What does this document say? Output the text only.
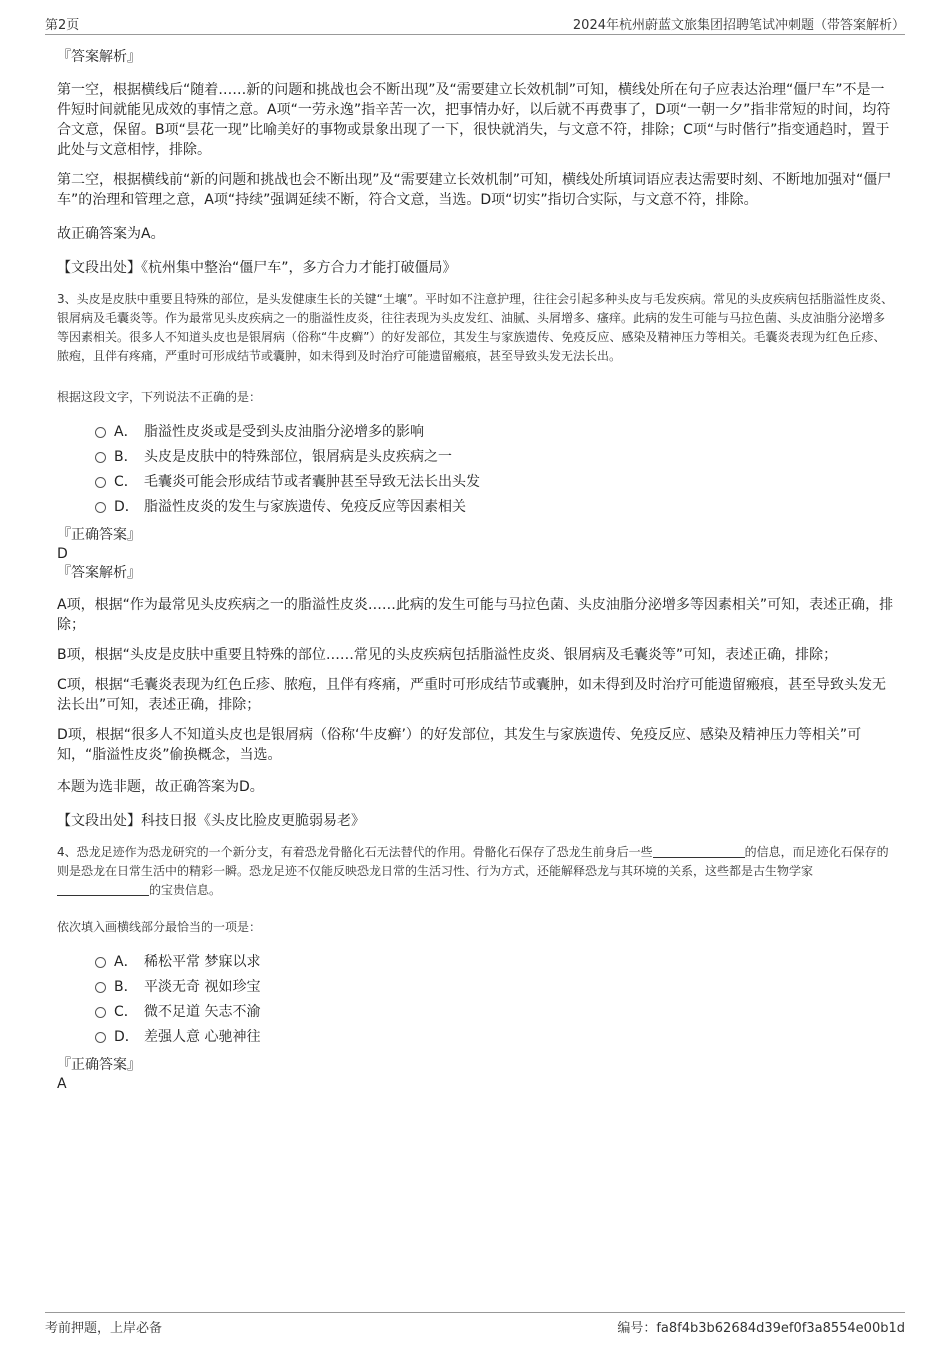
第2页	2024年杭州蔚蓝文旅集团招聘笔试冲刺题（带答案解析）

『答案解析』

第一空，根据横线后“随着……新的问题和挑战也会不断出现”及“需要建立长效机制”可知，横线处所在句子应表达治理“僵尸车”不是一件短时间就能见成效的事情之意。A项“一劳永逸”指辛苦一次，把事情办好，以后就不再费事了，D项“一朝一夕”指非常短的时间，均符合文意，保留。B项“昙花一现”比喻美好的事物或景象出现了一下，很快就消失，与文意不符，排除；C项“与时偕行”指变通趋时，置于此处与文意相悖，排除。

第二空，根据横线前“新的问题和挑战也会不断出现”及“需要建立长效机制”可知，横线处所填词语应表达需要时刻、不断地加强对“僵尸车”的治理和管理之意，A项“持续”强调延续不断，符合文意，当选。D项“切实”指切合实际，与文意不符，排除。

故正确答案为A。

【文段出处】《杭州集中整治“僵尸车”，多方合力才能打破僵局》

3、头皮是皮肤中重要且特殊的部位，是头发健康生长的关键“土壤”。平时如不注意护理，往往会引起多种头皮与毛发疾病。常见的头皮疾病包括脂溢性皮炎、银屑病及毛囊炎等。作为最常见头皮疾病之一的脂溢性皮炎，往往表现为头皮发红、油腻、头屑增多、瘙痒。此病的发生可能与马拉色菌、头皮油脂分泌增多等因素相关。很多人不知道头皮也是银屑病（俗称“牛皮癣”）的好发部位，其发生与家族遗传、免疫反应、感染及精神压力等相关。毛囊炎表现为红色丘疹、脓疱，且伴有疼痛，严重时可形成结节或囊肿，如未得到及时治疗可能遗留瘢痕，甚至导致头发无法长出。

根据这段文字，下列说法不正确的是：

A． 脂溢性皮炎或是受到头皮油脂分泌增多的影响
B． 头皮是皮肤中的特殊部位，银屑病是头皮疾病之一
C． 毛囊炎可能会形成结节或者囊肿甚至导致无法长出头发
D． 脂溢性皮炎的发生与家族遗传、免疫反应等因素相关

『正确答案』

D

『答案解析』

A项，根据“作为最常见头皮疾病之一的脂溢性皮炎……此病的发生可能与马拉色菌、头皮油脂分泌增多等因素相关”可知，表述正确，排除；

B项，根据“头皮是皮肤中重要且特殊的部位……常见的头皮疾病包括脂溢性皮炎、银屑病及毛囊炎等”可知，表述正确，排除；

C项，根据“毛囊炎表现为红色丘疹、脓疱，且伴有疼痛，严重时可形成结节或囊肿，如未得到及时治疗可能遗留瘢痕，甚至导致头发无法长出”可知，表述正确，排除；

D项，根据“很多人不知道头皮也是银屑病（俗称‘牛皮癣’）的好发部位，其发生与家族遗传、免疫反应、感染及精神压力等相关”可知，“脂溢性皮炎”偷换概念，当选。

本题为选非题，故正确答案为D。

【文段出处】科技日报《头皮比脸皮更脆弱易老》

4、恐龙足迹作为恐龙研究的一个新分支，有着恐龙骨骼化石无法替代的作用。骨骼化石保存了恐龙生前身后一些	的信息，而足迹化石保存的则是恐龙在日常生活中的精彩一瞬。恐龙足迹不仅能反映恐龙日常的生活习性、行为方式，还能解释恐龙与其环境的关系，这些都是古生物学家的宝贵信息。

依次填入画横线部分最恰当的一项是：

A． 稀松平常 梦寐以求
B． 平淡无奇 视如珍宝
C． 微不足道 矢志不渝
D． 差强人意 心驰神往

『正确答案』

A

考前押题，上岸必备	编号：fa8f4b3b62684d39ef0f3a8554e00b1d
